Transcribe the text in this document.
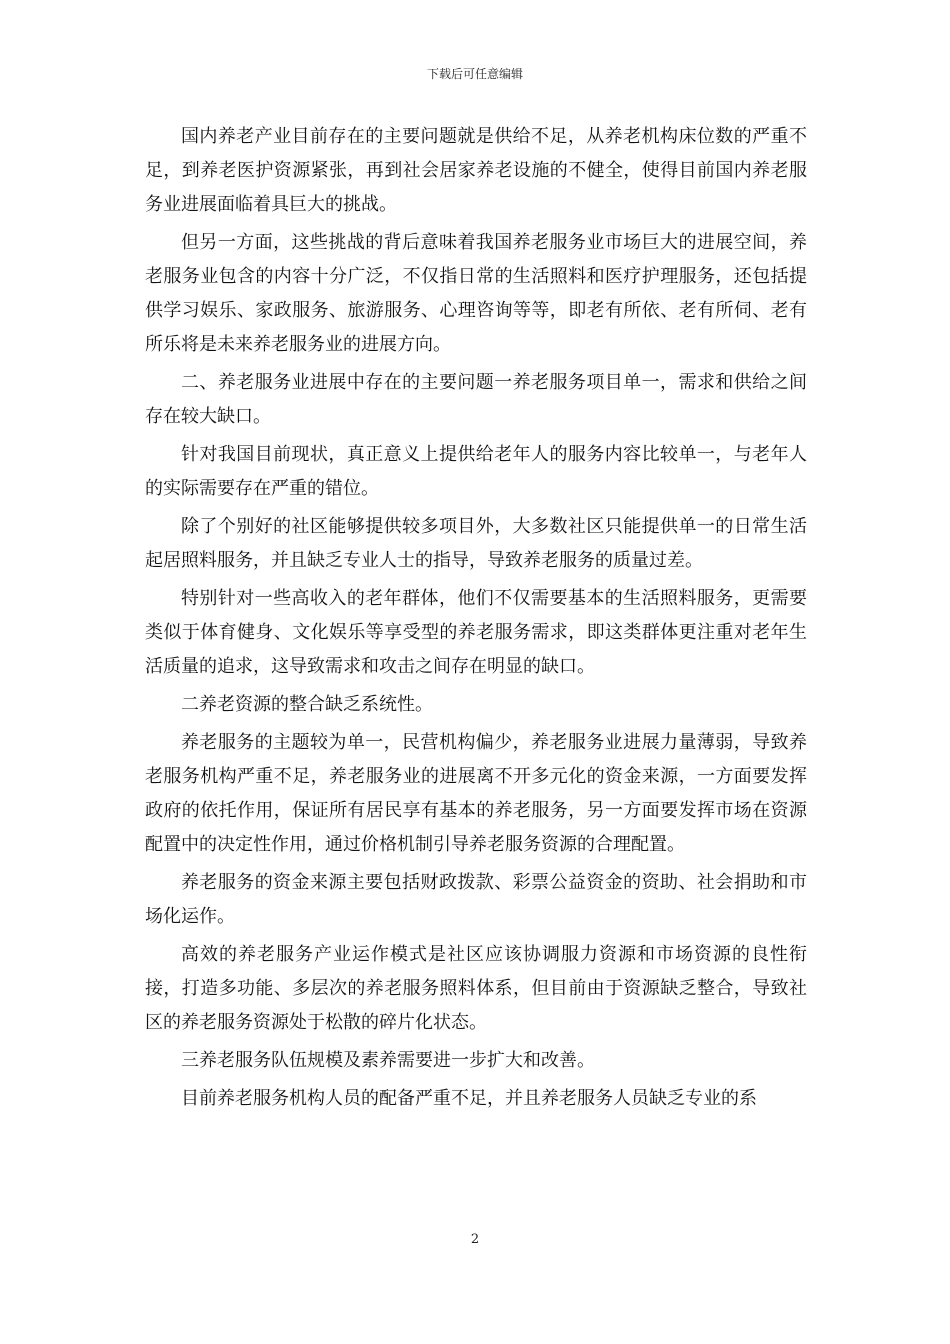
下载后可任意编辑

国内养老产业目前存在的主要问题就是供给不足，从养老机构床位数的严重不足，到养老医护资源紧张，再到社会居家养老设施的不健全，使得目前国内养老服务业进展面临着具巨大的挑战。

但另一方面，这些挑战的背后意味着我国养老服务业市场巨大的进展空间，养老服务业包含的内容十分广泛，不仅指日常的生活照料和医疗护理服务，还包括提供学习娱乐、家政服务、旅游服务、心理咨询等等，即老有所依、老有所伺、老有所乐将是未来养老服务业的进展方向。

二、养老服务业进展中存在的主要问题一养老服务项目单一，需求和供给之间存在较大缺口。

针对我国目前现状，真正意义上提供给老年人的服务内容比较单一，与老年人的实际需要存在严重的错位。

除了个别好的社区能够提供较多项目外，大多数社区只能提供单一的日常生活起居照料服务，并且缺乏专业人士的指导，导致养老服务的质量过差。

特别针对一些高收入的老年群体，他们不仅需要基本的生活照料服务，更需要类似于体育健身、文化娱乐等享受型的养老服务需求，即这类群体更注重对老年生活质量的追求，这导致需求和攻击之间存在明显的缺口。

二养老资源的整合缺乏系统性。

养老服务的主题较为单一，民营机构偏少，养老服务业进展力量薄弱，导致养老服务机构严重不足，养老服务业的进展离不开多元化的资金来源，一方面要发挥政府的依托作用，保证所有居民享有基本的养老服务，另一方面要发挥市场在资源配置中的决定性作用，通过价格机制引导养老服务资源的合理配置。

养老服务的资金来源主要包括财政拨款、彩票公益资金的资助、社会捐助和市场化运作。

高效的养老服务产业运作模式是社区应该协调服力资源和市场资源的良性衔接，打造多功能、多层次的养老服务照料体系，但目前由于资源缺乏整合，导致社区的养老服务资源处于松散的碎片化状态。

三养老服务队伍规模及素养需要进一步扩大和改善。

目前养老服务机构人员的配备严重不足，并且养老服务人员缺乏专业的系

2
